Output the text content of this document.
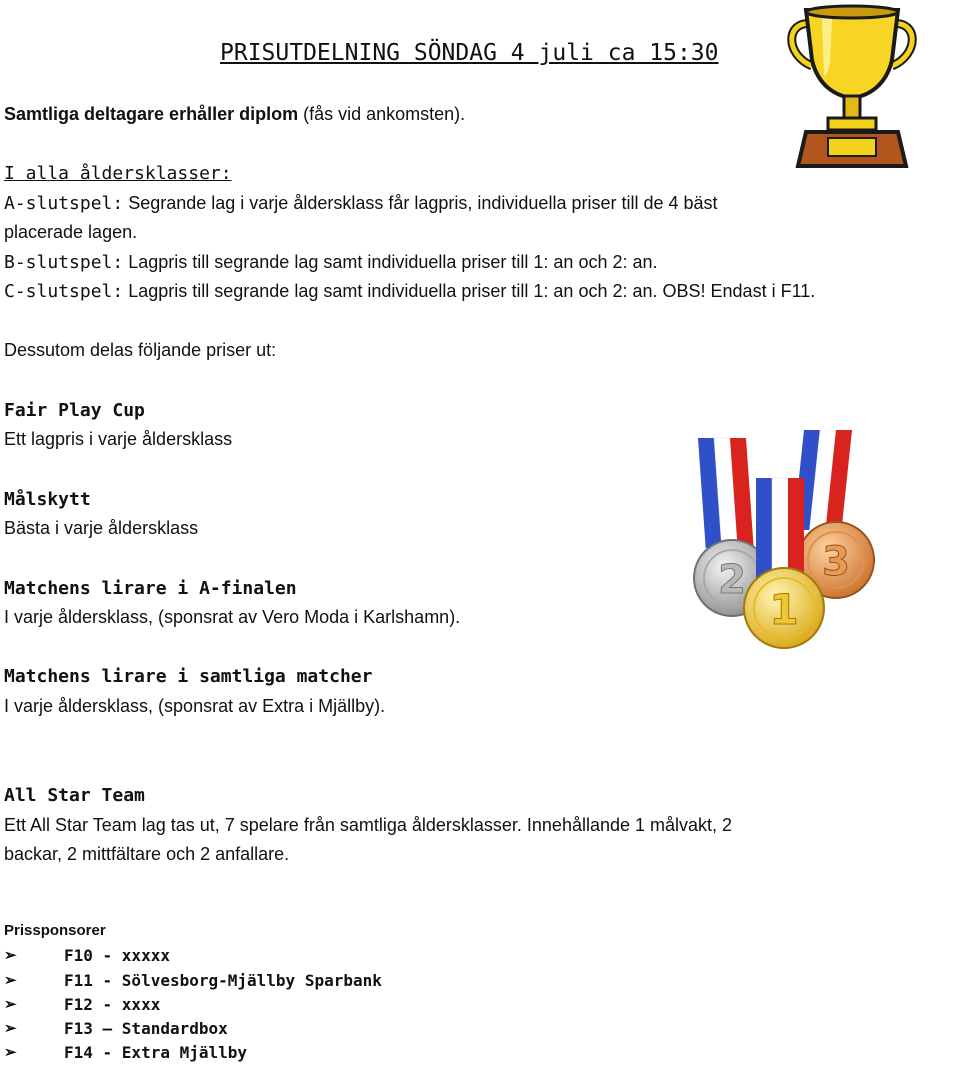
PRISUTDELNING SÖNDAG 4 juli ca 15:30
Samtliga deltagare erhåller diplom (fås vid ankomsten).
I alla åldersklasser:
A-slutspel: Segrande lag i varje åldersklass får lagpris, individuella priser till de 4 bäst
placerade lagen.
B-slutspel: Lagpris till segrande lag samt individuella priser till 1: an och 2: an.
C-slutspel: Lagpris till segrande lag samt individuella priser till 1: an och 2: an. OBS! Endast i F11.
Dessutom delas följande priser ut:
Fair Play Cup
Ett lagpris i varje åldersklass
Målskytt
Bästa i varje åldersklass
Matchens lirare i A-finalen
I varje åldersklass, (sponsrat av Vero Moda i Karlshamn).
Matchens lirare i samtliga matcher
I varje åldersklass, (sponsrat av Extra i Mjällby).
2 3
1
All Star Team
Ett All Star Team lag tas ut, 7 spelare från samtliga åldersklasser. Innehållande 1 målvakt, 2
backar, 2 mittfältare och 2 anfallare.
Prissponsorer
➢	F10 - xxxxx
➢	F11 - Sölvesborg-Mjällby Sparbank
➢	F12 - xxxx
➢	F13 – Standardbox
➢	F14 - Extra Mjällby
